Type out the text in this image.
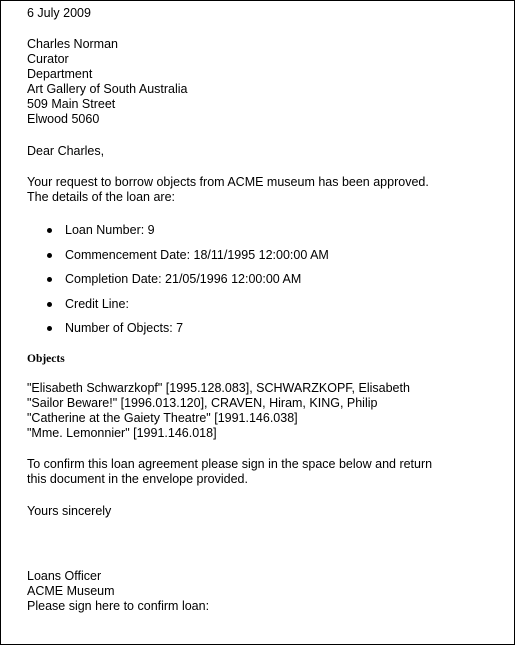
6 July 2009
Charles Norman
Curator
Department
Art Gallery of South Australia
509 Main Street
Elwood 5060
Dear Charles,
Your request to borrow objects from ACME museum has been approved.
The details of the loan are:
Loan Number: 9
Commencement Date: 18/11/1995 12:00:00 AM
Completion Date: 21/05/1996 12:00:00 AM
Credit Line:
Number of Objects: 7
Objects
"Elisabeth Schwarzkopf" [1995.128.083], SCHWARZKOPF, Elisabeth
"Sailor Beware!" [1996.013.120], CRAVEN, Hiram, KING, Philip
"Catherine at the Gaiety Theatre" [1991.146.038]
"Mme. Lemonnier" [1991.146.018]
To confirm this loan agreement please sign in the space below and return
this document in the envelope provided.
Yours sincerely
Loans Officer
ACME Museum
Please sign here to confirm loan:
